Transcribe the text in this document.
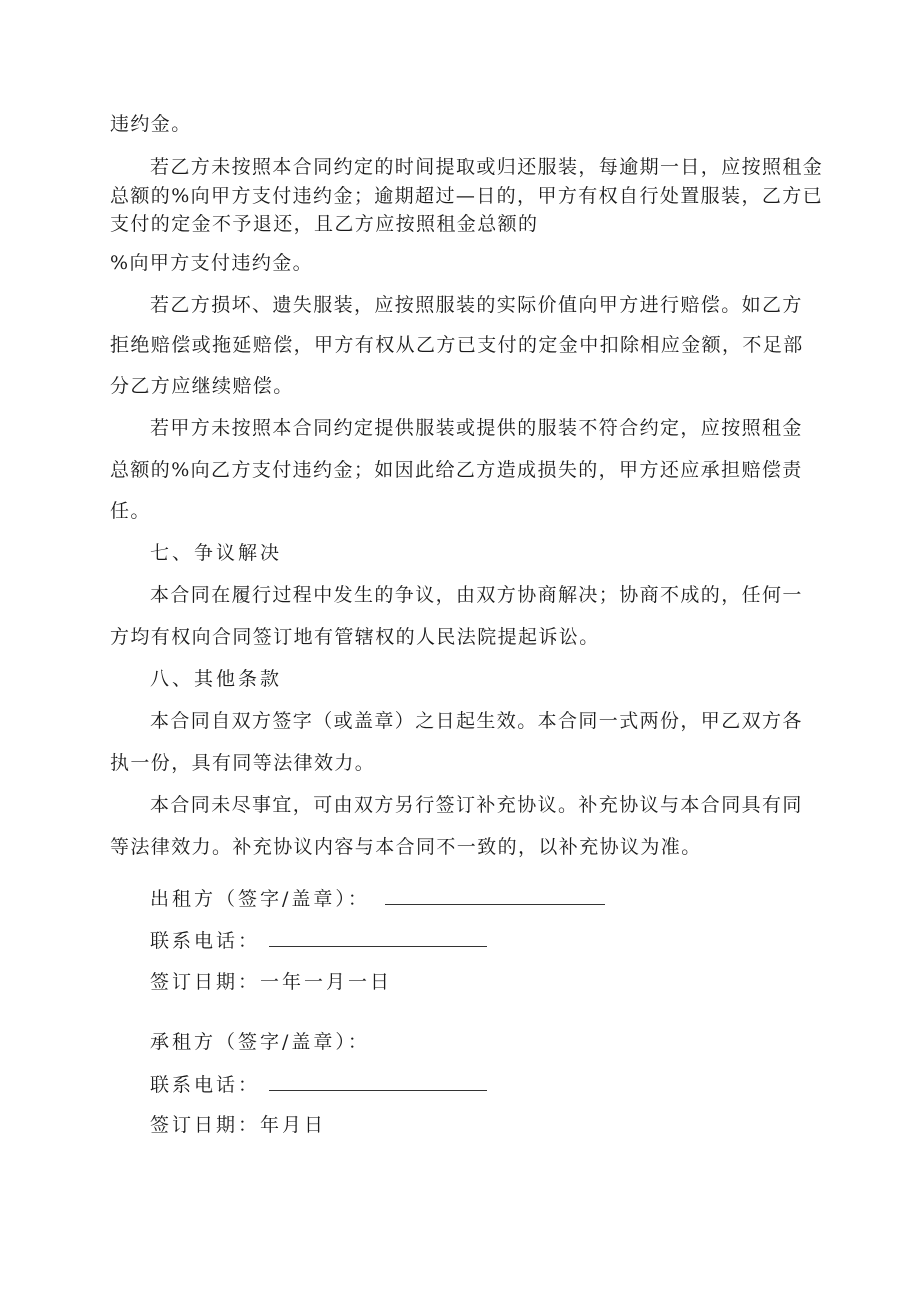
违约金。
若乙方未按照本合同约定的时间提取或归还服装，每逾期一日，应按照租金
总额的%向甲方支付违约金；逾期超过—日的，甲方有权自行处置服装，乙方已
支付的定金不予退还，且乙方应按照租金总额的
%向甲方支付违约金。
若乙方损坏、遗失服装，应按照服装的实际价值向甲方进行赔偿。如乙方
拒绝赔偿或拖延赔偿，甲方有权从乙方已支付的定金中扣除相应金额，不足部
分乙方应继续赔偿。
若甲方未按照本合同约定提供服装或提供的服装不符合约定，应按照租金
总额的%向乙方支付违约金；如因此给乙方造成损失的，甲方还应承担赔偿责
任。
七、争议解决
本合同在履行过程中发生的争议，由双方协商解决；协商不成的，任何一
方均有权向合同签订地有管辖权的人民法院提起诉讼。
八、其他条款
本合同自双方签字（或盖章）之日起生效。本合同一式两份，甲乙双方各
执一份，具有同等法律效力。
本合同未尽事宜，可由双方另行签订补充协议。补充协议与本合同具有同
等法律效力。补充协议内容与本合同不一致的，以补充协议为准。
出租方（签字/盖章）：
联系电话：
签订日期：一年一月一日
承租方（签字/盖章）：
联系电话：
签订日期：年月日
